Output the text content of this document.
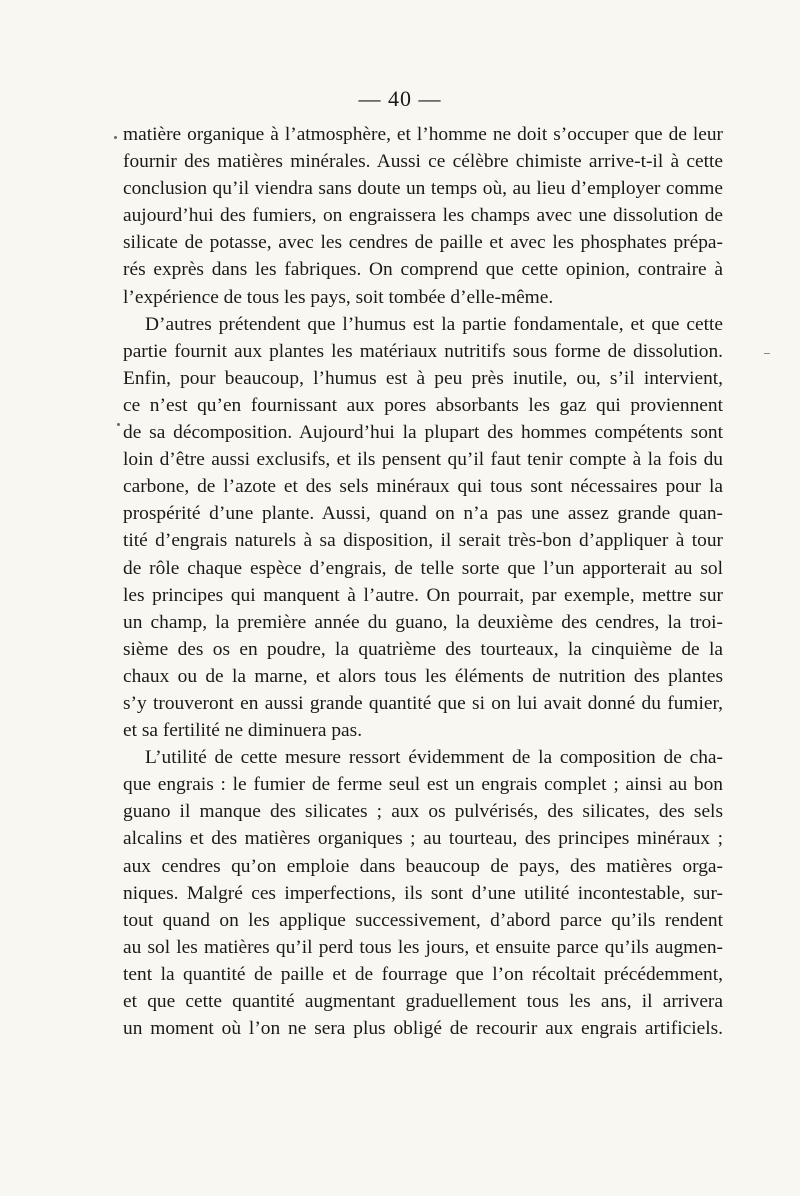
— 40 —
matière organique à l’atmosphère, et l’homme ne doit s’occuper que de leur
fournir des matières minérales. Aussi ce célèbre chimiste arrive-t-il à cette
conclusion qu’il viendra sans doute un temps où, au lieu d’employer comme
aujourd’hui des fumiers, on engraissera les champs avec une dissolution de
silicate de potasse, avec les cendres de paille et avec les phosphates prépa-
rés exprès dans les fabriques. On comprend que cette opinion, contraire à
l’expérience de tous les pays, soit tombée d’elle-même.
D’autres prétendent que l’humus est la partie fondamentale, et que cette
partie fournit aux plantes les matériaux nutritifs sous forme de dissolution.
Enfin, pour beaucoup, l’humus est à peu près inutile, ou, s’il intervient,
ce n’est qu’en fournissant aux pores absorbants les gaz qui proviennent
de sa décomposition. Aujourd’hui la plupart des hommes compétents sont
loin d’être aussi exclusifs, et ils pensent qu’il faut tenir compte à la fois du
carbone, de l’azote et des sels minéraux qui tous sont nécessaires pour la
prospérité d’une plante. Aussi, quand on n’a pas une assez grande quan-
tité d’engrais naturels à sa disposition, il serait très-bon d’appliquer à tour
de rôle chaque espèce d’engrais, de telle sorte que l’un apporterait au sol
les principes qui manquent à l’autre. On pourrait, par exemple, mettre sur
un champ, la première année du guano, la deuxième des cendres, la troi-
sième des os en poudre, la quatrième des tourteaux, la cinquième de la
chaux ou de la marne, et alors tous les éléments de nutrition des plantes
s’y trouveront en aussi grande quantité que si on lui avait donné du fumier,
et sa fertilité ne diminuera pas.
L’utilité de cette mesure ressort évidemment de la composition de cha-
que engrais : le fumier de ferme seul est un engrais complet ; ainsi au bon
guano il manque des silicates ; aux os pulvérisés, des silicates, des sels
alcalins et des matières organiques ; au tourteau, des principes minéraux ;
aux cendres qu’on emploie dans beaucoup de pays, des matières orga-
niques. Malgré ces imperfections, ils sont d’une utilité incontestable, sur-
tout quand on les applique successivement, d’abord parce qu’ils rendent
au sol les matières qu’il perd tous les jours, et ensuite parce qu’ils augmen-
tent la quantité de paille et de fourrage que l’on récoltait précédemment,
et que cette quantité augmentant graduellement tous les ans, il arrivera
un moment où l’on ne sera plus obligé de recourir aux engrais artificiels.
